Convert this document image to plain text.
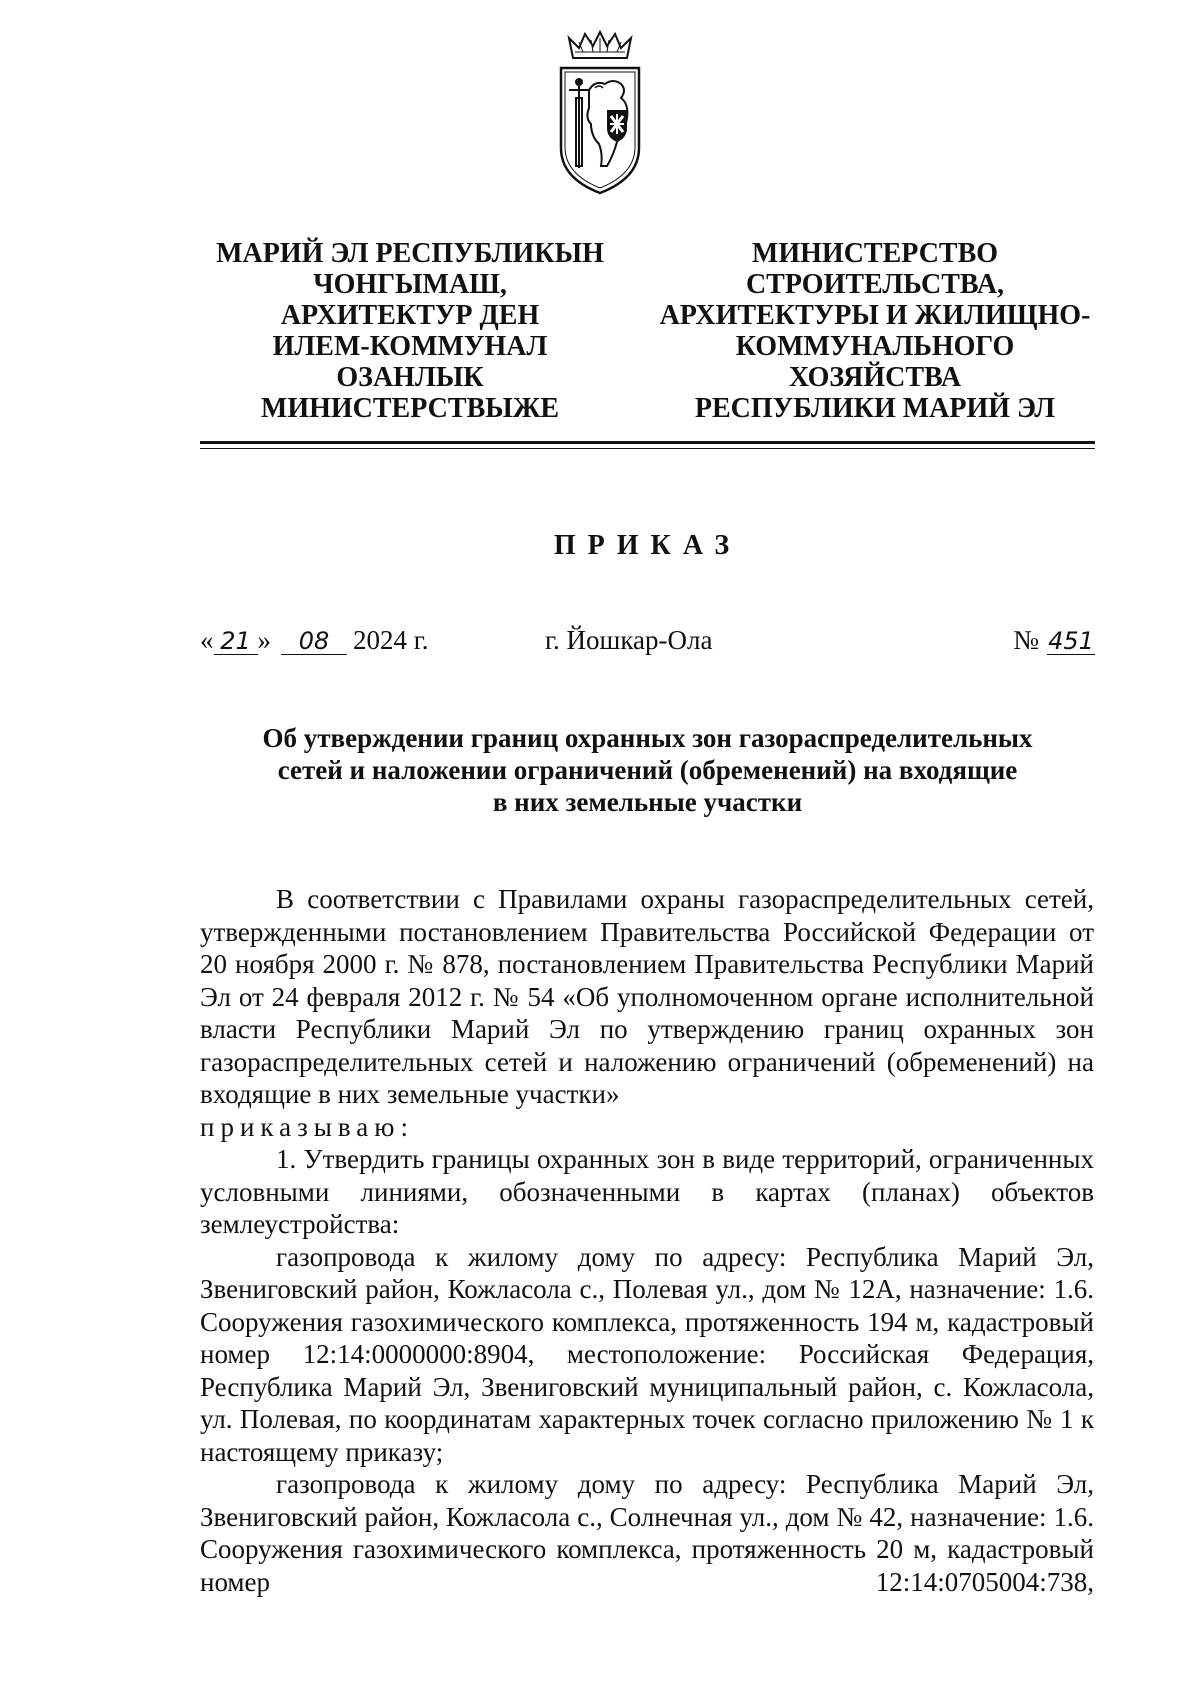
МАРИЙ ЭЛ РЕСПУБЛИКЫН
ЧОНГЫМАШ,
АРХИТЕКТУР ДЕН
ИЛЕМ-КОММУНАЛ
ОЗАНЛЫК
МИНИСТЕРСТВЫЖЕ
МИНИСТЕРСТВО
СТРОИТЕЛЬСТВА,
АРХИТЕКТУРЫ И ЖИЛИЩНО-
КОММУНАЛЬНОГО
ХОЗЯЙСТВА
РЕСПУБЛИКИ МАРИЙ ЭЛ
ПРИКАЗ
« 21 » 08 2024 г.	г. Йошкар-Ола	№ 451
Об утверждении границ охранных зон газораспределительных
сетей и наложении ограничений (обременений) на входящие
в них земельные участки

В соответствии с Правилами охраны газораспределительных сетей, утвержденными постановлением Правительства Российской Федерации от 20 ноября 2000 г. № 878, постановлением Правительства Республики Марий Эл от 24 февраля 2012 г. № 54 «Об уполномоченном органе исполнительной власти Республики Марий Эл по утверждению границ охранных зон газораспределительных сетей и наложению ограничений (обременений) на входящие в них земельные участки»

приказываю:

1. Утвердить границы охранных зон в виде территорий, ограниченных условными линиями, обозначенными в картах (планах) объектов землеустройства:

газопровода к жилому дому по адресу: Республика Марий Эл, Звениговский район, Кожласола с., Полевая ул., дом № 12А, назначение: 1.6. Сооружения газохимического комплекса, протяженность 194 м, кадастровый номер 12:14:0000000:8904, местоположение: Российская Федерация, Республика Марий Эл, Звениговский муниципальный район, с. Кожласола, ул. Полевая, по координатам характерных точек согласно приложению № 1 к настоящему приказу;

газопровода к жилому дому по адресу: Республика Марий Эл, Звениговский район, Кожласола с., Солнечная ул., дом № 42, назначение: 1.6. Сооружения газохимического комплекса, протяженность 20 м, кадастровый номер 12:14:0705004:738,
